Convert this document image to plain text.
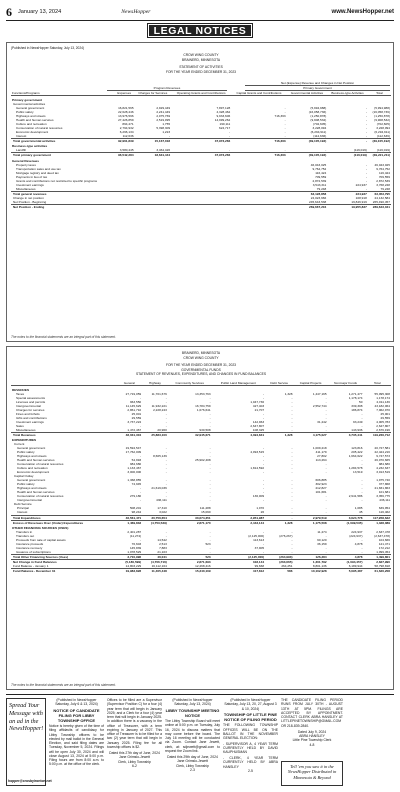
6 January 13, 2024	NewsHopper	www.NewsHopper.net
LEGAL NOTICES
(Published in NewsHopper Saturday, July 13, 2024)
CROW WING COUNTY
BRAINERD, MINNESOTA
STATEMENT OF ACTIVITIES
FOR THE YEAR ENDED DECEMBER 31, 2023
Net (Expense) Revenue and Changes in Net Position
Program Revenues	Primary Government
Functions/Programs	Expenses	Charges for Services	Operating Grants and Contributions	Capital Grants and Contributions	Governmental Activities	Business-type Activities	Total
Primary government							
Governmental activities							
General government	16,821,565	2,929,449	7,897,128	-	(5,994,988)	-	(5,994,988)
Public safety	22,628,446	2,241,449	4,328,462	-	(16,058,736)	-	(16,058,736)
Highways and streets	13,976,596	2,075,769	9,933,606	716,363	(1,250,878)	-	(1,250,878)
Health and human services	27,426,859	2,519,095	14,999,262	-	(9,908,532)	-	(9,908,532)
Culture and recreation	894,471	1,755	190,111	-	(702,605)	-	(702,605)
Conservation of natural resources	2,794,932	5,398,309	624,717	-	3,228,094	-	3,228,094
Economic development	6,296,134	1,223	-	-	(6,294,911)	-	(6,294,911)
Interest	112,636	-	-	-	(112,636)	-	(112,636)
Total governmental activities	92,961,839	15,167,018	37,973,266	716,363	(39,105,192)	-	(39,105,192)
Business-type activities							
Landfill	3,580,445	3,464,426	-	-	-	(116,019)	(116,019)
Total primary government	96,542,284	18,631,444	37,973,266	716,363	(39,105,192)	(116,019)	(39,221,211)
General Revenues							
Property taxes					46,043,025	-	46,043,025
Transportation sales and use tax					9,764,752	-	9,764,752
Mortgage registry and deed tax					116,424	-	116,424
Payments in lieu of tax					709,559	-	709,559
Grants and contributions not restricted to specific programs					2,872,539	-	2,872,539
Investment earnings					3,543,311	224,937	3,768,248
Miscellaneous					79,248	-	79,248
Total general revenues					63,128,858	224,937	63,353,795
Change in net position					24,023,666	108,918	24,132,584
Net Position - Beginning					245,643,538	19,846,919	265,490,457
Net Position - Ending					269,667,204	19,955,837	289,623,041
The notes to the financial statements are an integral part of this statement.
BRAINERD, MINNESOTA
CROW WING COUNTY
FOR THE YEAR ENDED DECEMBER 31, 2023
GOVERNMENTAL FUNDS
STATEMENT OF REVENUES, EXPENDITURES, AND CHANGES IN FUND BALANCES
	General	Highway	Community Services	Public Land Management	Debt Service	Capital Projects	Nonmajor Funds	Total
REVENUES								
Taxes	27,719,059	11,701,676	13,353,763	-	1,328	1,447,165	1,271,477	55,095,308
Special assessments	-	-	-	-	-	-	1,178,174	1,178,174
Licenses and permits	963,550	-	-	1,047,736	-	-	50	2,011,136
Intergovernmental	11,145,629	11,932,221	16,784,759	427,403	-	2,552,744	339,308	43,182,064
Charges for services	2,861,710	2,228,243	1,676,641	21,707	-	-	186,874	7,962,970
Fines and forfeits	25,001	-	-	-	-	-	-	25,001
Gifts and contributions	29,559	-	-	-	-	-	-	29,559
Investment earnings	3,737,224	-	-	142,963	-	31,242	93,249	4,005,783
Sales	-	-	-	2,647,807	-	-	-	2,647,807
Miscellaneous	1,472,467	20,960	930,508	108,325	-	-	143,936	2,676,196
Total Revenues	48,031,304	25,883,100	32,945,671	4,394,841	1,328	4,175,027	3,735,441	119,266,712
EXPENDITURES								
Current								
General government	19,594,547	-	-	-	-	1,009,218	123,816	20,727,581
Public safety	17,762,009	-	-	4,093,515	-	411,179	205,422	22,424,216
Highways and streets	-	8,665,139	-	-	-	27,802	1,664,622	9,747,573
Health and human services	54,993	-	25,902,408	-	-	113,264	-	26,070,665
Conservation of natural resources	984,680	-	-	-	-	-	-	984,680
Culture and recreation	1,133,467	-	-	1,814,592	-	-	1,284,578	4,232,637
Economic development	3,000,000	-	-	-	-	-	13,519	3,013,519
Capital Outlay								
General government	1,368,855	-	-	-	-	606,885	-	1,975,740
Public safety	74,945	-	-	-	-	302,923	-	377,868
Highways and streets	-	21,619,036	-	-	-	212,827	-	21,831,863
Health and human services	-	-	-	-	-	101,681	-	101,681
Conservation of natural resources	279,180	-	-	136,009	-	-	2,941,586	3,356,775
Intergovernmental	-	436,111	-	-	-	-	-	436,111
Debt Service								
Principal	508,201	17,310	111,488	1,070	-	-	1,085	639,954
Interest	98,244	3,022	15,090	26	-	-	45	116,462
Total Expenditures	46,561,471	30,756,654	30,674,351	2,951,987	-	2,979,519	3,624,778	117,958,622
Excess of Revenues Over (Under) Expenditures	1,469,833	(4,753,539)	2,871,170	2,443,144	1,328	1,175,508	(1,099,535)	1,328,089
OTHER FINANCING SOURCES (USES)								
Transfers in	2,401,287	-	-	-	-	11,274	224,937	2,637,478
Transfers out	(11,274)	-	-	(2,125,000)	(276,267)	-	(224,937)	(2,637,478)
Proceeds from sale of capital assets	-	14,542	-	113,613	-	90,120	-	104,666
Insurance proceeds	76,603	2,513	523	-	-	36,159	4,878	121,471
Insurance recovery	145,839	7,883	-	37,905	-	-	-	172,212
Issuance of subscriptions	1,078,529	21,103	-	-	-	-	-	1,099,454
Total Other Financing Sources (Uses)	3,710,996	46,041	523	(2,125,000)	(264,993)	126,284	4,878	1,499,801
Net Change in Fund Balances	(5,180,599)	(4,706,716)	2,871,693	318,144	(263,665)	1,301,792	(1,094,457)	2,827,990
Fund Balance - January 1	14,803,229	16,112,164	12,468,416	99,668	264,251	8,801,136	6,189,944	58,798,818
Fund Balance - December 31	19,983,828	11,405,448	15,340,109	417,812	586	10,102,928	5,095,487	61,626,208
The notes to the financial statements are an integral part of this statement.
Spread Your Message with an ad in the NewsHopper!
hopper@crosbyironton.net
(Published in NewsHopper Saturday, July 6 & 13, 2024)
NOTICE OF CANDIDATE FILING FOR LIBBY TOWNSHIP OFFICE
Notice is hereby given of the time of filing affidavits of candidacy for Libby Township officers to be elected by mail ballot in the General Election, and said filing dates are Tuesday, November 5, 2024. Filings will be open July 30, 2024 and will close August 13, 2024 at 5:00 p.m. Filing hours are from 8:00 a.m. to 5:00 p.m. at the office of the clerk.
Offices to be filled are a Supervisor (Supervisor Position C) for a four (4) year term that will begin in January 2025; and a Clerk for a four (4) year term that will begin in January 2025. In addition there is a vacancy in the office of Treasurer, with a term expiring in January of 2027. This office of Treasurer is to be filled for a two (2) year term that will begin in January 2025. Filing fee for all township offices is $2.
Dated this 27th day of June, 2024
Jane Grimslo-Jewett
Clerk, Libby Township
6-2
(Published in NewsHopper Saturday, July 13, 2024)
LIBBY TOWNSHIP MEETING NOTICE
The Libby Township Board will meet online at 5:00 p.m. on Tuesday, July 16, 2024 to discuss matters that may come before the board. The July 16 meeting will be conducted via Zoom. Contact Jane Jewett, clerk, at: sdjewett@gmail.com to request the Zoom link.
Dated this 29th day of June, 2024
Jane Grimslo-Jewett
Clerk, Libby Township
2-3
(Published in NewsHopper Saturday, July 13, 20, 27, August 3 & 10, 2024)
TOWNSHIP OF LITTLE PINE NOTICE OF FILING PERIOD
THE FOLLOWING TOWNSHIP OFFICES WILL BE ON THE BALLOT IN THE NOVEMBER GENERAL ELECTION:
- SUPERVISOR A, 4 YEAR TERM CURRENTLY HELD BY DAVID KAUPHUSMAN
- CLERK, 4 YEAR TERM CURRENTLY HELD BY ABRA HANSLEY
2-5
THE CANDIDATE FILING PERIOD RUNS FROM JULY 30TH - AUGUST 13TH AT 5PM. FILINGS ARE ACCEPTED BY APPOINTMENT. CONTACT CLERK ABRA HANSLEY AT LITTLEPINETOWNSHIP@GMAIL.COM OR 218-839-2840.
Dated July 9, 2024
ABRA HANSLEY
Little Pine Township Clerk
4-8
Tell 'em you saw it in the NewsHopper Distributed in Minnesota & Beyond
